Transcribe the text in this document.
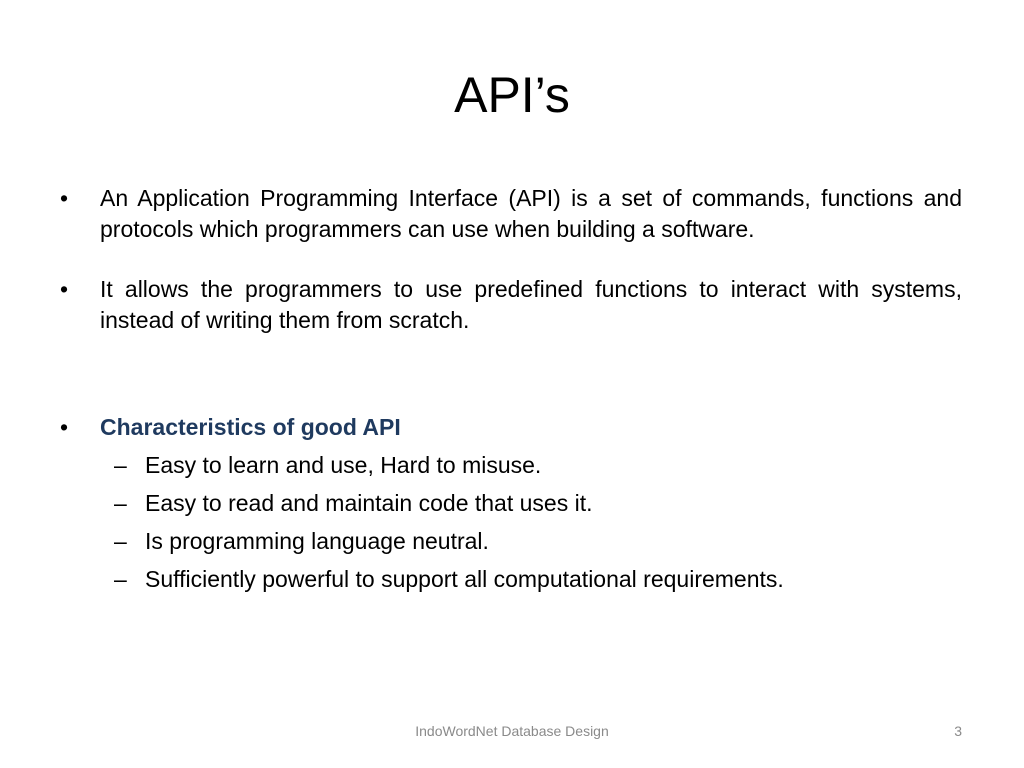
API’s
•	An Application Programming Interface (API) is a set of commands, functions and protocols which programmers can use when building a software.
•	It allows the programmers to use predefined functions to interact with systems, instead of writing them from scratch.
•	Characteristics of good API
– Easy to learn and use, Hard to misuse.
– Easy to read and maintain code that uses it.
– Is programming language neutral.
– Sufficiently powerful to support all computational requirements.
IndoWordNet Database Design	3
